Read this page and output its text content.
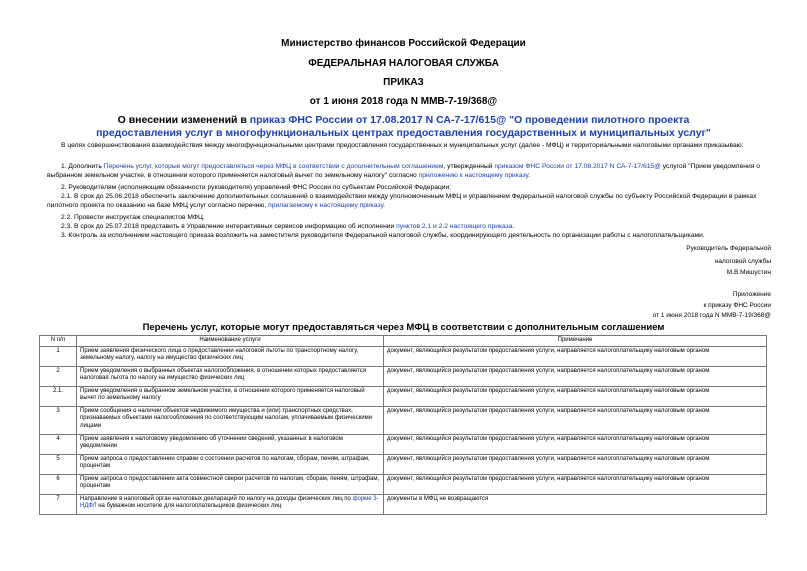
Министерство финансов Российской Федерации
ФЕДЕРАЛЬНАЯ НАЛОГОВАЯ СЛУЖБА
ПРИКАЗ
от 1 июня 2018 года N ММВ-7-19/368@
О внесении изменений в приказ ФНС России от 17.08.2017 N СА-7-17/615@ "О проведении пилотного проекта предоставления услуг в многофункциональных центрах предоставления государственных и муниципальных услуг"
В целях совершенствования взаимодействия между многофункциональными центрами предоставления государственных и муниципальных услуг (далее - МФЦ) и территориальными налоговыми органами приказываю:
1. Дополнить Перечень услуг, которые могут предоставляться через МФЦ в соответствии с дополнительным соглашением, утвержденный приказом ФНС России от 17.08.2017 N СА-7-17/615@ услугой "Прием уведомления о выбранном земельном участке, в отношении которого применяется налоговый вычет по земельному налогу" согласно приложению к настоящему приказу.
2. Руководителям (исполняющим обязанности руководителя) управлений ФНС России по субъектам Российской Федерации:
2.1. В срок до 25.06.2018 обеспечить заключение дополнительных соглашений о взаимодействии между уполномоченным МФЦ и управлением Федеральной налоговой службы по субъекту Российской Федерации в рамках пилотного проекта по оказанию на базе МФЦ услуг согласно перечню, прилагаемому к настоящему приказу.
2.2. Провести инструктаж специалистов МФЦ.
2.3. В срок до 25.07.2018 представить в Управление интерактивных сервисов информацию об исполнении пунктов 2.1 и 2.2 настоящего приказа.
3. Контроль за исполнением настоящего приказа возложить на заместителя руководителя Федеральной налоговой службы, координирующего деятельность по организации работы с налогоплательщиками.
Руководитель Федеральной
налоговой службы
М.В.Мишустин
Приложение
к приказу ФНС России
от 1 июня 2018 года N ММВ-7-19/368@
Перечень услуг, которые могут предоставляться через МФЦ в соответствии с дополнительным соглашением
N п/п	Наименование услуги	Примечание
1	Прием заявления физического лица о предоставлении налоговой льготы по транспортному налогу, земельному налогу, налогу на имущество физических лиц	документ, являющийся результатом предоставления услуги, направляется налогоплательщику налоговым органом
2	Прием уведомления о выбранных объектах налогообложения, в отношении которых предоставляется налоговая льгота по налогу на имущество физических лиц	документ, являющийся результатом предоставления услуги, направляется налогоплательщику налоговым органом
2.1.	Прием уведомления о выбранном земельном участке, в отношении которого применяется налоговый вычет по земельному налогу	документ, являющийся результатом предоставления услуги, направляется налогоплательщику налоговым органом
3	Прием сообщения о наличии объектов недвижимого имущества и (или) транспортных средствах, признаваемых объектами налогообложения по соответствующим налогам, уплачиваемым физическими лицами	документ, являющийся результатом предоставления услуги, направляется налогоплательщику налоговым органом
4	Прием заявления к налоговому уведомлению об уточнении сведений, указанных в налоговом уведомлении	документ, являющийся результатом предоставления услуги, направляется налогоплательщику налоговым органом
5	Прием запроса о предоставлении справки о состоянии расчетов по налогам, сборам, пеням, штрафам, процентам	документ, являющийся результатом предоставления услуги, направляется налогоплательщику налоговым органом
6	Прием запроса о предоставлении акта совместной сверки расчетов по налогам, сборам, пеням, штрафам, процентам	документ, являющийся результатом предоставления услуги, направляется налогоплательщику налоговым органом
7	Направление в налоговый орган налоговых деклараций по налогу на доходы физических лиц по форме 3-НДФЛ на бумажном носителе для налогоплательщиков физических лиц	документы в МФЦ не возвращаются
